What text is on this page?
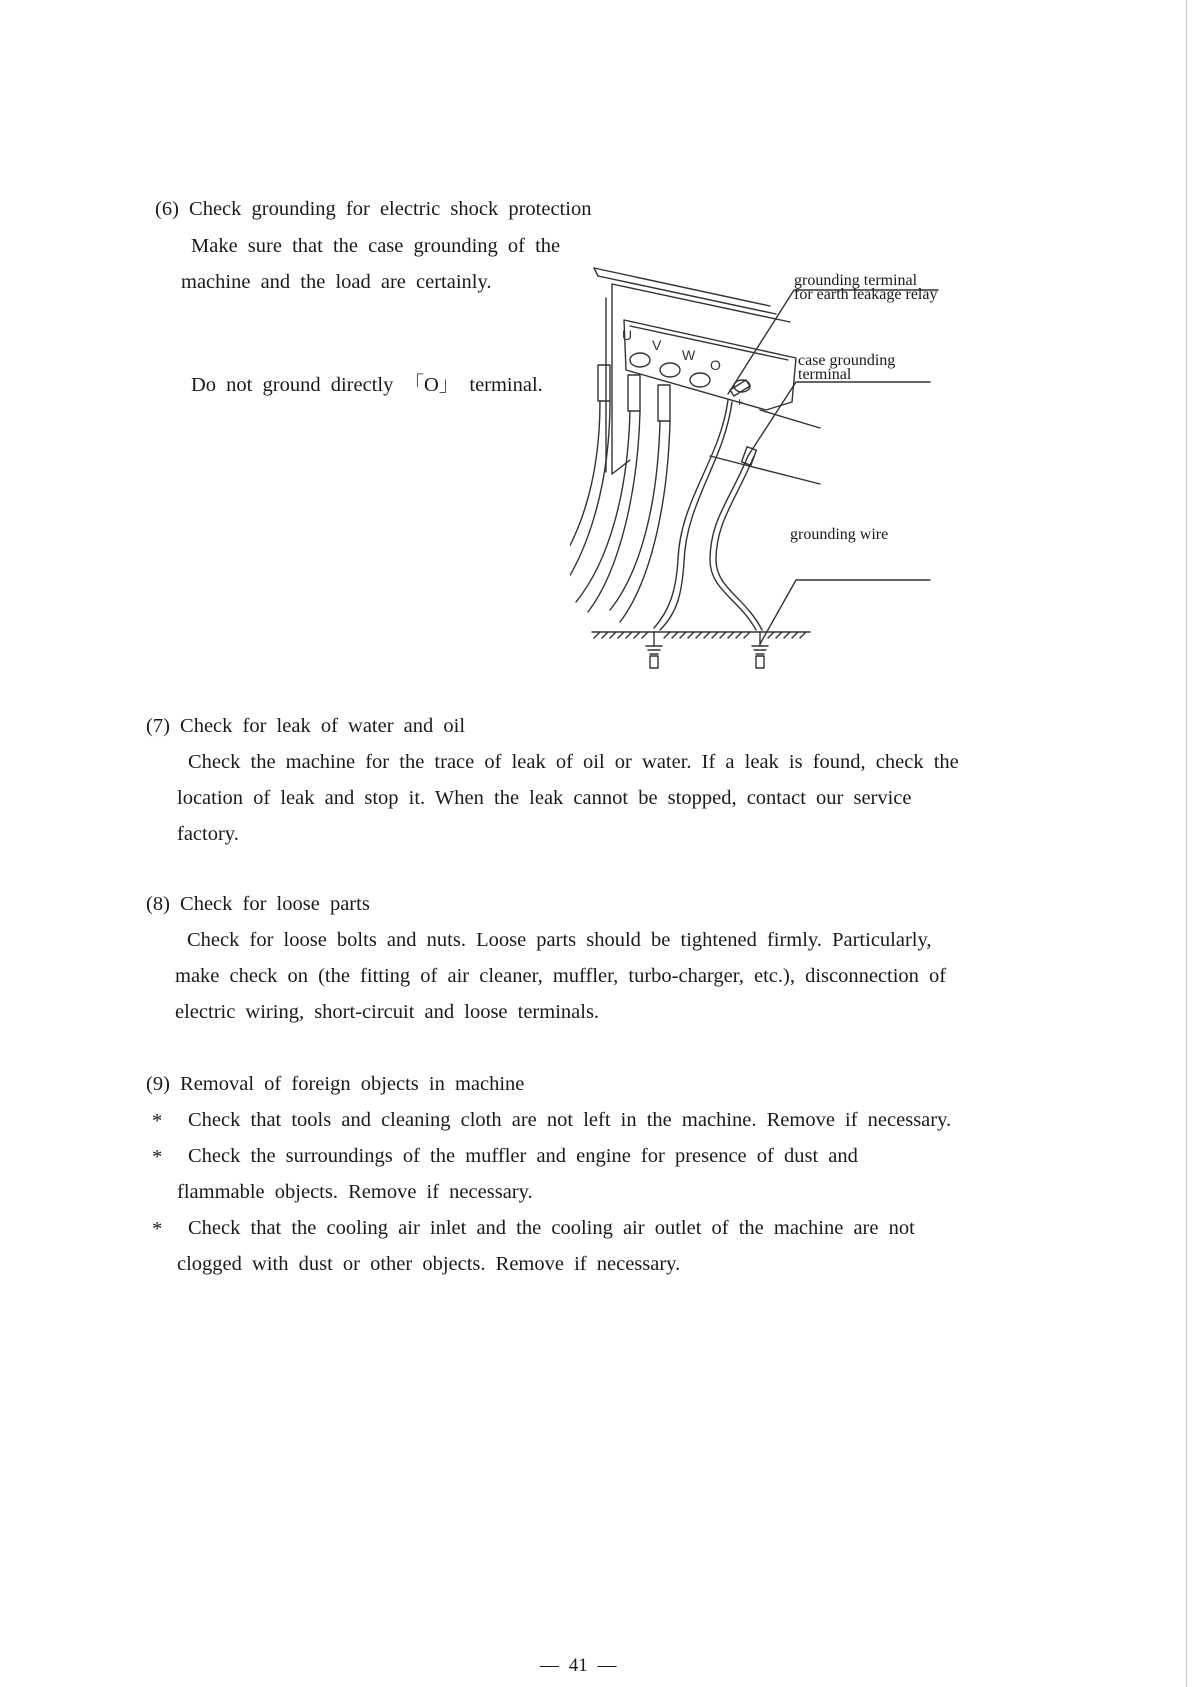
(6) Check grounding for electric shock protection
Make sure that the case grounding of the
machine and the load are certainly.
Do not ground directly 「O」 terminal.
U
V
W
O
+
grounding terminal
for earth leakage relay
case grounding
terminal
grounding wire
(7) Check for leak of water and oil
Check the machine for the trace of leak of oil or water. If a leak is found, check the
location of leak and stop it. When the leak cannot be stopped, contact our service
factory.
(8) Check for loose parts
Check for loose bolts and nuts. Loose parts should be tightened firmly. Particularly,
make check on (the fitting of air cleaner, muffler, turbo-charger, etc.), disconnection of
electric wiring, short-circuit and loose terminals.
(9) Removal of foreign objects in machine
* Check that tools and cleaning cloth are not left in the machine. Remove if necessary.
* Check the surroundings of the muffler and engine for presence of dust and
flammable objects. Remove if necessary.
* Check that the cooling air inlet and the cooling air outlet of the machine are not
clogged with dust or other objects. Remove if necessary.
— 41 —
